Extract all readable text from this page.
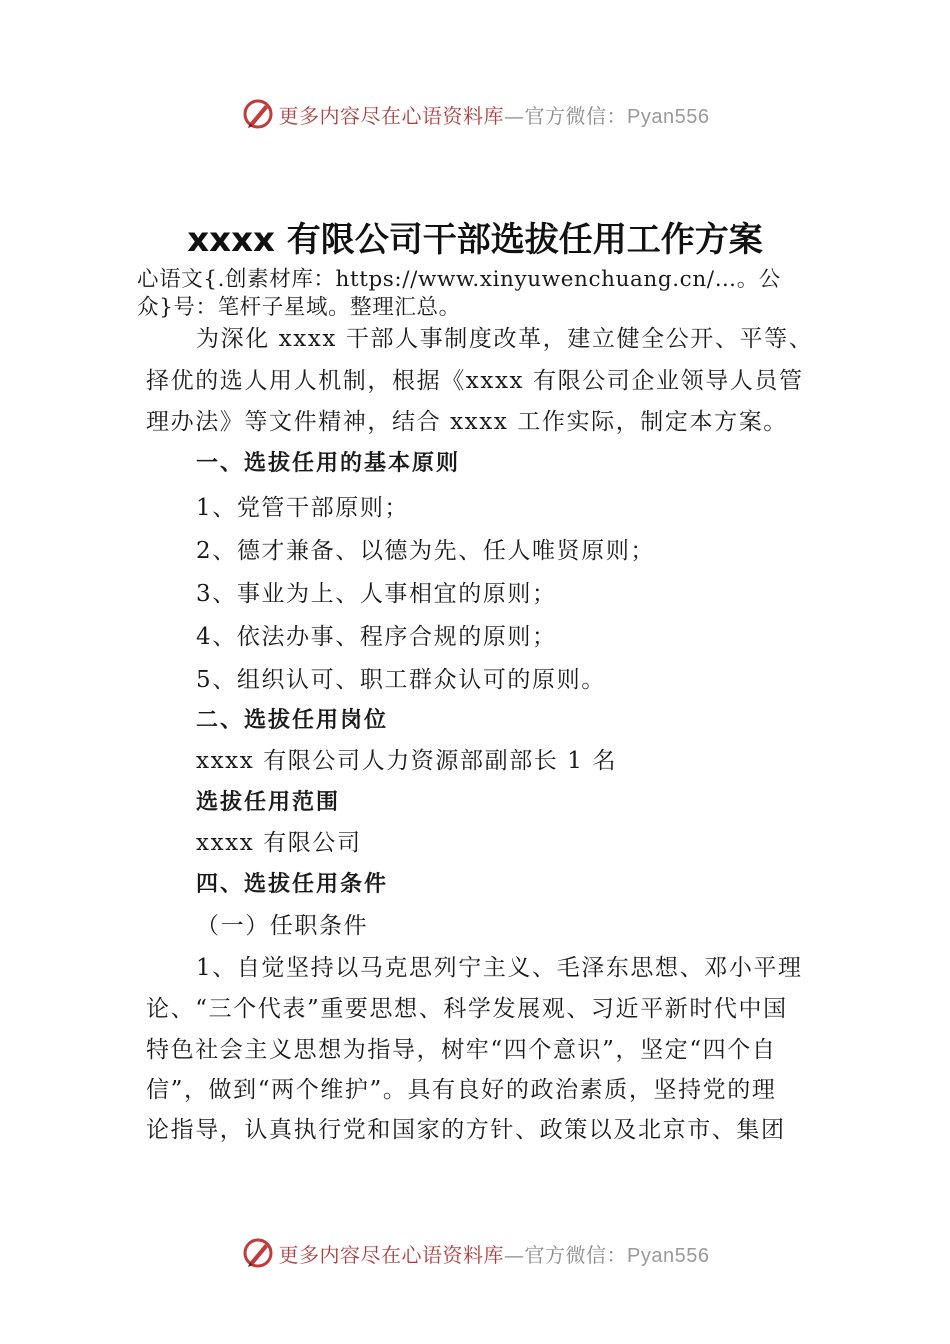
更多内容尽在心语资料库—官方微信：Pyan556
xxxx 有限公司干部选拔任用工作方案
心语文{.创素材库：https://www.xinyuwenchuang.cn/…。公
众}号：笔杆子星域。整理汇总。
为深化 xxxx 干部人事制度改革，建立健全公开、平等、
择优的选人用人机制，根据《xxxx 有限公司企业领导人员管
理办法》等文件精神，结合 xxxx 工作实际，制定本方案。
一、选拔任用的基本原则
1、党管干部原则；
2、德才兼备、以德为先、任人唯贤原则；
3、事业为上、人事相宜的原则；
4、依法办事、程序合规的原则；
5、组织认可、职工群众认可的原则。
二、选拔任用岗位
xxxx 有限公司人力资源部副部长 1 名
选拔任用范围
xxxx 有限公司
四、选拔任用条件
（一）任职条件
1、自觉坚持以马克思列宁主义、毛泽东思想、邓小平理
论、“三个代表”重要思想、科学发展观、习近平新时代中国
特色社会主义思想为指导，树牢“四个意识”，坚定“四个自
信”，做到“两个维护”。具有良好的政治素质，坚持党的理
论指导，认真执行党和国家的方针、政策以及北京市、集团
更多内容尽在心语资料库—官方微信：Pyan556
